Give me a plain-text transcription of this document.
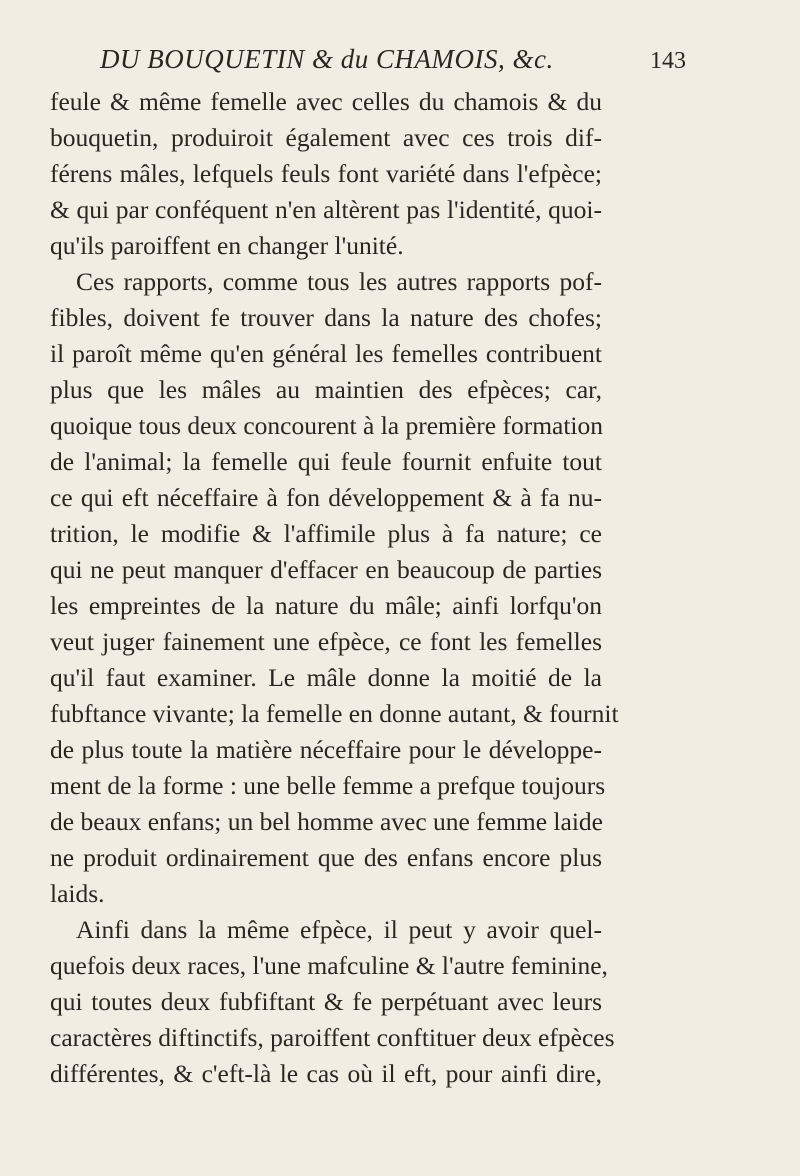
DU BOUQUETIN & du CHAMOIS, &c.	143
feule & même femelle avec celles du chamois & du
bouquetin, produiroit également avec ces trois dif-
férens mâles, lefquels feuls font variété dans l'efpèce;
& qui par conféquent n'en altèrent pas l'identité, quoi-
qu'ils paroiffent en changer l'unité.
Ces rapports, comme tous les autres rapports pof-
fibles, doivent fe trouver dans la nature des chofes;
il paroît même qu'en général les femelles contribuent
plus que les mâles au maintien des efpèces; car,
quoique tous deux concourent à la première formation
de l'animal; la femelle qui feule fournit enfuite tout
ce qui eft néceffaire à fon développement & à fa nu-
trition, le modifie & l'affimile plus à fa nature; ce
qui ne peut manquer d'effacer en beaucoup de parties
les empreintes de la nature du mâle; ainfi lorfqu'on
veut juger fainement une efpèce, ce font les femelles
qu'il faut examiner. Le mâle donne la moitié de la
fubftance vivante; la femelle en donne autant, & fournit
de plus toute la matière néceffaire pour le développe-
ment de la forme : une belle femme a prefque toujours
de beaux enfans; un bel homme avec une femme laide
ne produit ordinairement que des enfans encore plus
laids.
Ainfi dans la même efpèce, il peut y avoir quel-
quefois deux races, l'une mafculine & l'autre feminine,
qui toutes deux fubfiftant & fe perpétuant avec leurs
caractères diftinctifs, paroiffent conftituer deux efpèces
différentes, & c'eft-là le cas où il eft, pour ainfi dire,
